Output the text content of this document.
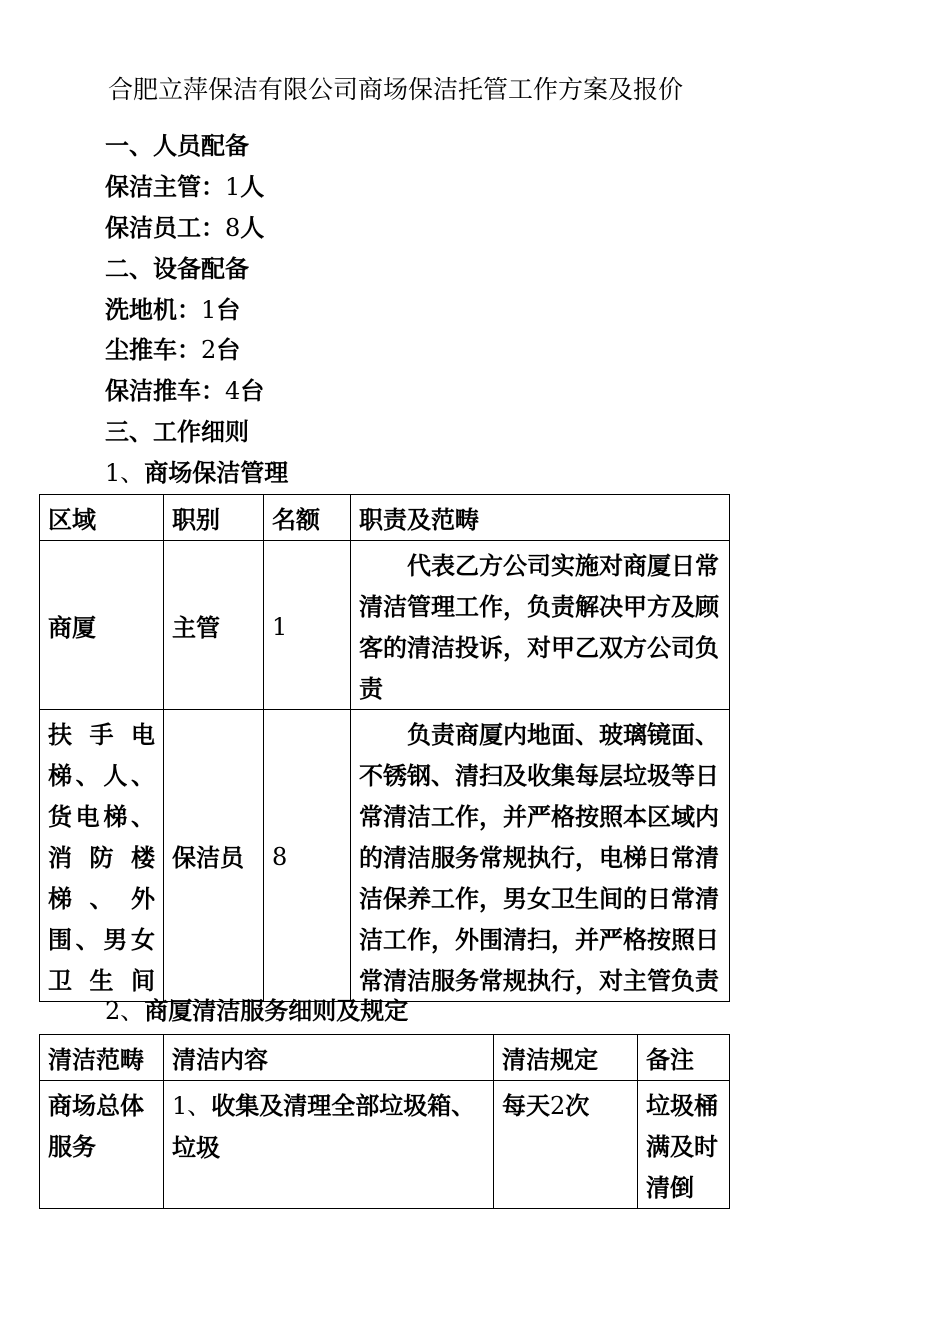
合肥立萍保洁有限公司商场保洁托管工作方案及报价
一、人员配备
保洁主管：1人
保洁员工：8人
二、设备配备
洗地机：1台
尘推车：2台
保洁推车：4台
三、工作细则
1、商场保洁管理
区域	职别	名额	职责及范畴
商厦	主管	1	代表乙方公司实施对商厦日常清洁管理工作，负责解决甲方及顾客的清洁投诉，对甲乙双方公司负责
扶手电梯、人、货电梯、消防楼梯、外围、男女卫生间	保洁员	8	负责商厦内地面、玻璃镜面、不锈钢、清扫及收集每层垃圾等日常清洁工作，并严格按照本区域内的清洁服务常规执行，电梯日常清洁保养工作，男女卫生间的日常清洁工作，外围清扫，并严格按照日常清洁服务常规执行，对主管负责
2、商厦清洁服务细则及规定
清洁范畴	清洁内容	清洁规定	备注
商场总体服务	1、收集及清理全部垃圾箱、垃圾	每天2次	垃圾桶满及时清倒
